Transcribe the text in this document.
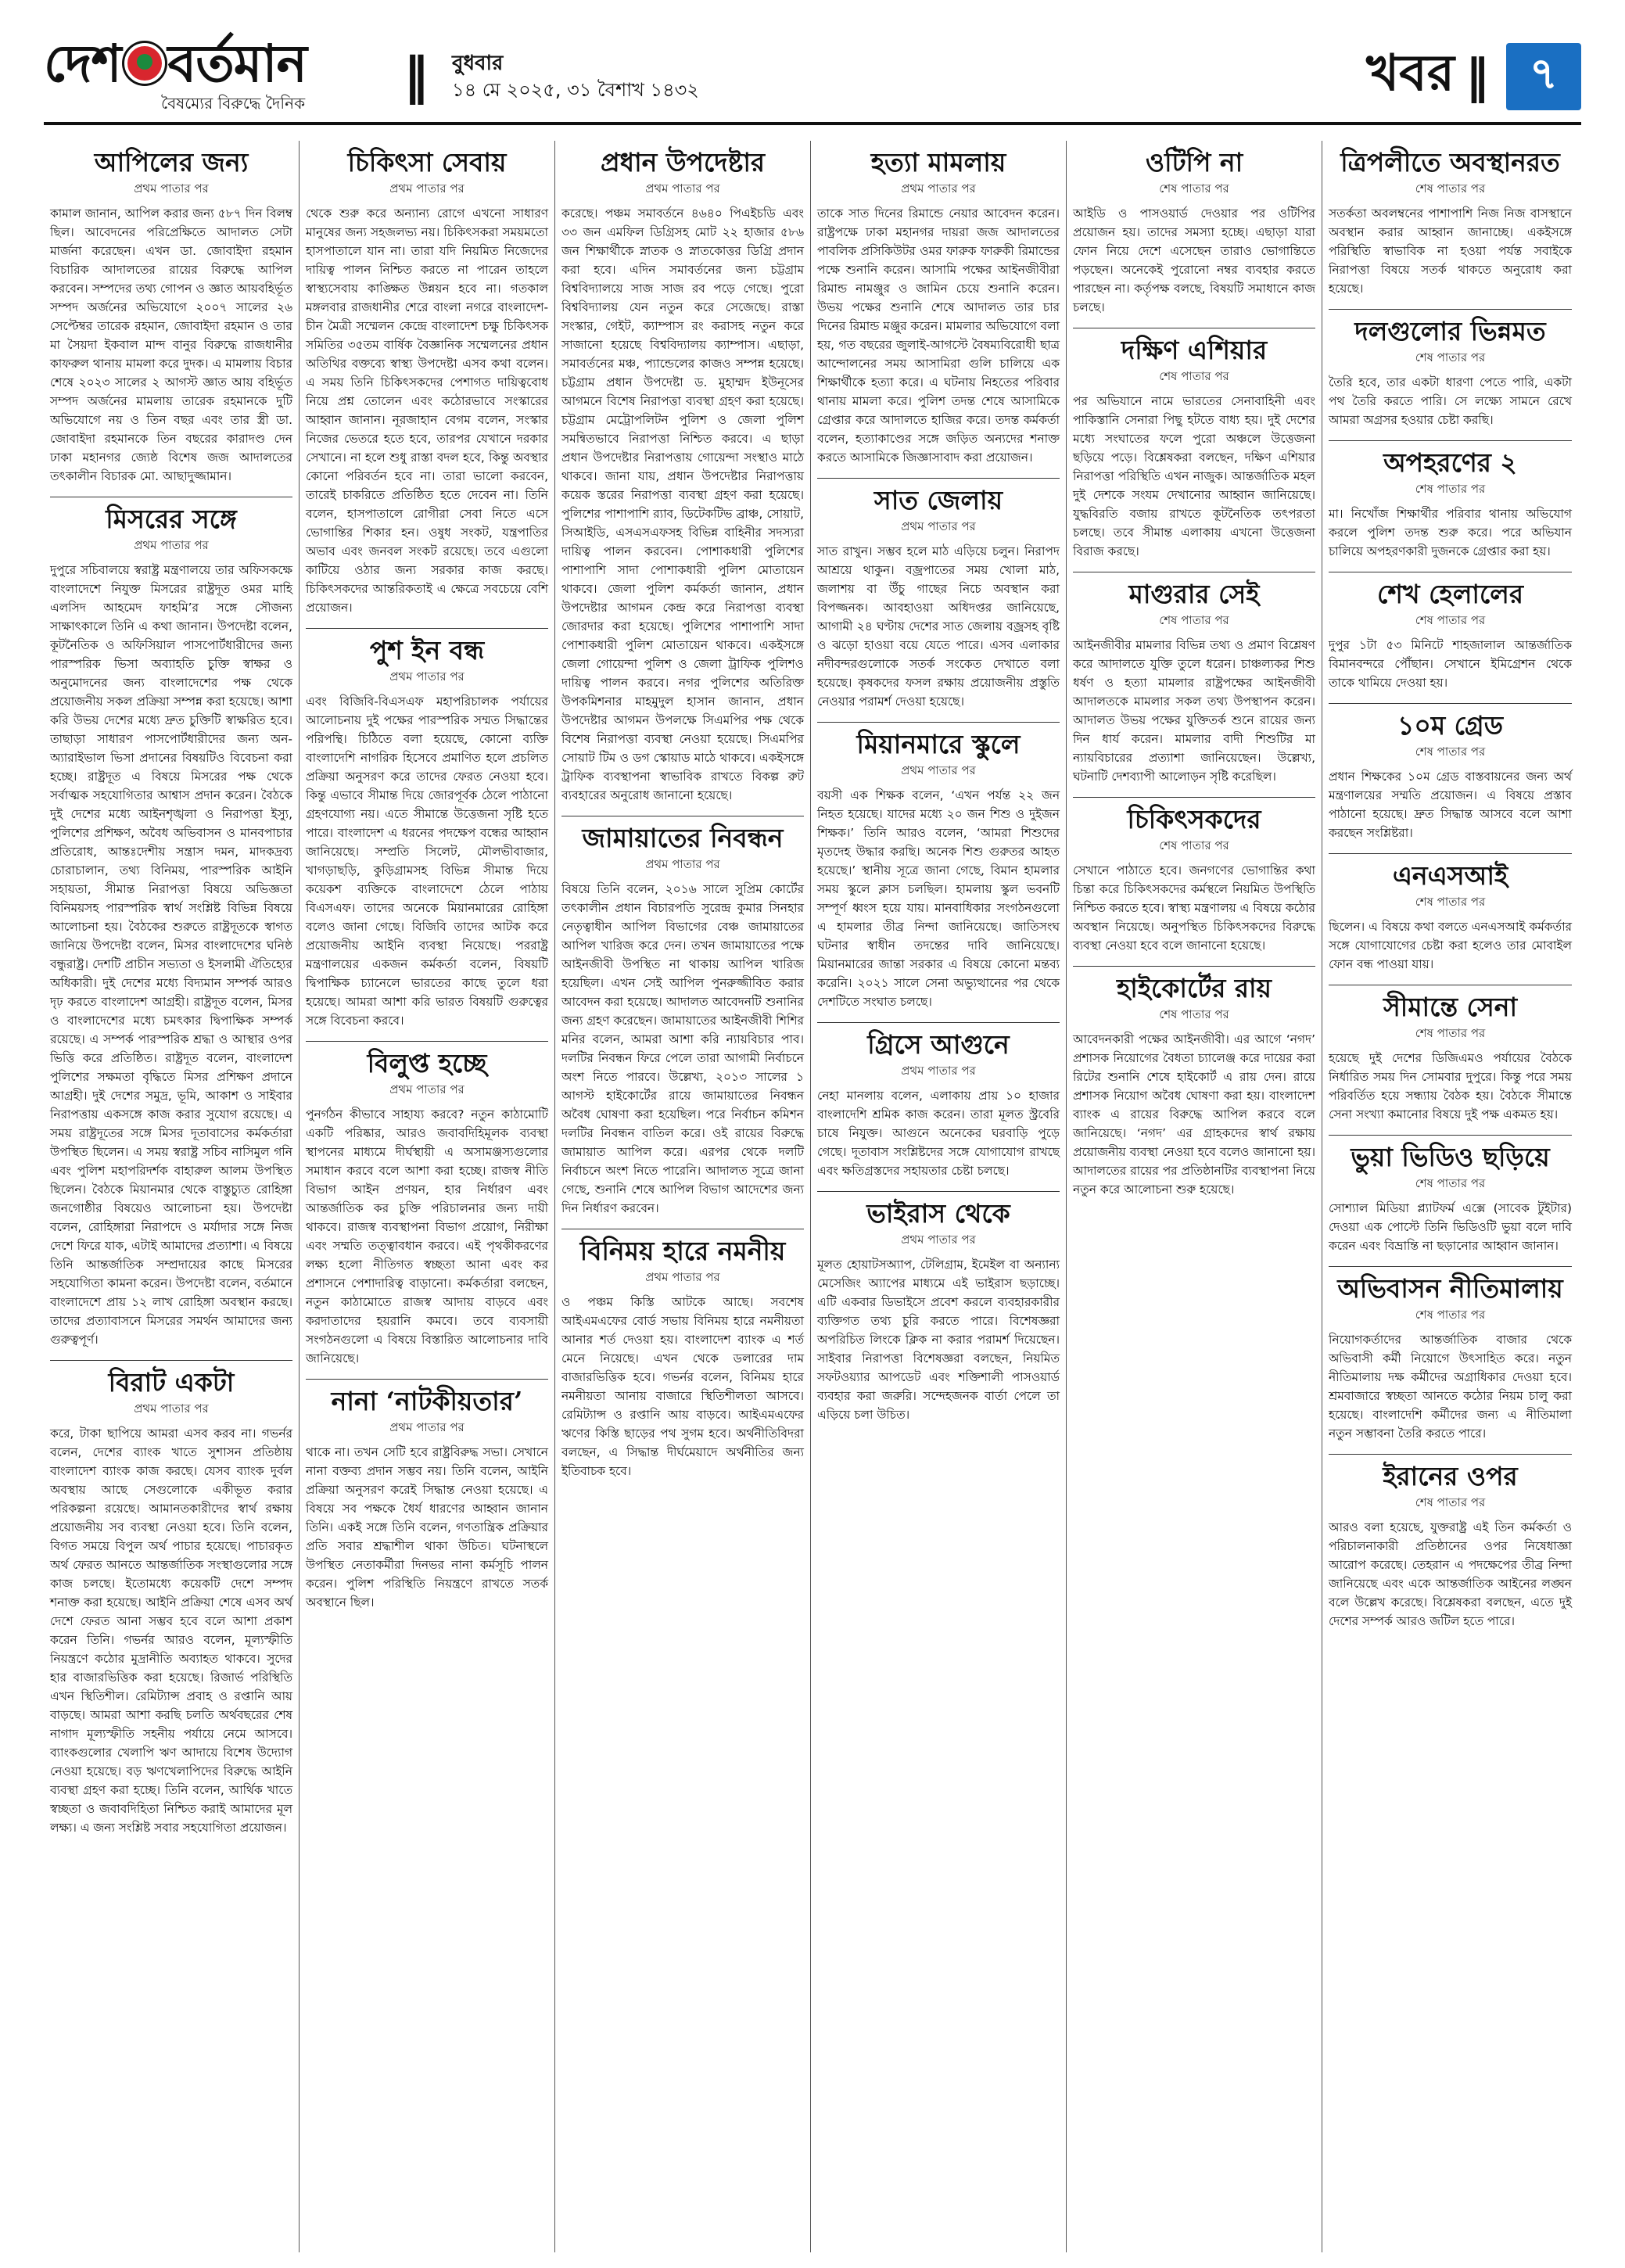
দেশ বর্তমান
বৈষম্যের বিরুদ্ধে দৈনিক ‖ বুধবার
১৪ মে ২০২৫, ৩১ বৈশাখ ১৪৩২	খবর ‖ ৭
আপিলের জন্য
প্রথম পাতার পর
কামাল জানান, আপিল করার জন্য ৫৮৭ দিন বিলম্ব ছিল। আবেদনের পরিপ্রেক্ষিতে আদালত সেটা মার্জনা করেছেন। এখন ডা. জোবাইদা রহমান বিচারিক আদালতের রায়ের বিরুদ্ধে আপিল করবেন। সম্পদের তথ্য গোপন ও জ্ঞাত আয়বহির্ভূত সম্পদ অর্জনের অভিযোগে ২০০৭ সালের ২৬ সেপ্টেম্বর তারেক রহমান, জোবাইদা রহমান ও তার মা সৈয়দা ইকবাল মান্দ বানুর বিরুদ্ধে রাজধানীর কাফরুল থানায় মামলা করে দুদক। এ মামলায় বিচার শেষে ২০২৩ সালের ২ আগস্ট জ্ঞাত আয় বহির্ভূত সম্পদ অর্জনের মামলায় তারেক রহমানকে দুটি অভিযোগে নয় ও তিন বছর এবং তার স্ত্রী ডা. জোবাইদা রহমানকে তিন বছরের কারাদণ্ড দেন ঢাকা মহানগর জ্যেষ্ঠ বিশেষ জজ আদালতের তৎকালীন বিচারক মো. আছাদুজ্জামান।
মিসরের সঙ্গে
প্রথম পাতার পর
দুপুরে সচিবালয়ে স্বরাষ্ট্র মন্ত্রণালয়ে তার অফিসকক্ষে বাংলাদেশে নিযুক্ত মিসরের রাষ্ট্রদূত ওমর মাহি এলসিদ আহমেদ ফাহমি’র সঙ্গে সৌজন্য সাক্ষাৎকালে তিনি এ কথা জানান। উপদেষ্টা বলেন, কূটনৈতিক ও অফিসিয়াল পাসপোর্টধারীদের জন্য পারস্পরিক ভিসা অব্যাহতি চুক্তি স্বাক্ষর ও অনুমোদনের জন্য বাংলাদেশের পক্ষ থেকে প্রয়োজনীয় সকল প্রক্রিয়া সম্পন্ন করা হয়েছে। আশা করি উভয় দেশের মধ্যে দ্রুত চুক্তিটি স্বাক্ষরিত হবে। তাছাড়া সাধারণ পাসপোর্টধারীদের জন্য অন-অ্যারাইভাল ভিসা প্রদানের বিষয়টিও বিবেচনা করা হচ্ছে। রাষ্ট্রদূত এ বিষয়ে মিসরের পক্ষ থেকে সর্বাত্মক সহযোগিতার আশ্বাস প্রদান করেন। বৈঠকে দুই দেশের মধ্যে আইনশৃঙ্খলা ও নিরাপত্তা ইস্যু, পুলিশের প্রশিক্ষণ, অবৈধ অভিবাসন ও মানবপাচার প্রতিরোধ, আন্তঃদেশীয় সন্ত্রাস দমন, মাদকদ্রব্য চোরাচালান, তথ্য বিনিময়, পারস্পরিক আইনি সহায়তা, সীমান্ত নিরাপত্তা বিষয়ে অভিজ্ঞতা বিনিময়সহ পারস্পরিক স্বার্থ সংশ্লিষ্ট বিভিন্ন বিষয়ে আলোচনা হয়। বৈঠকের শুরুতে রাষ্ট্রদূতকে স্বাগত জানিয়ে উপদেষ্টা বলেন, মিসর বাংলাদেশের ঘনিষ্ঠ বন্ধুরাষ্ট্র। দেশটি প্রাচীন সভ্যতা ও ইসলামী ঐতিহ্যের অধিকারী। দুই দেশের মধ্যে বিদ্যমান সম্পর্ক আরও দৃঢ় করতে বাংলাদেশ আগ্রহী। রাষ্ট্রদূত বলেন, মিসর ও বাংলাদেশের মধ্যে চমৎকার দ্বিপাক্ষিক সম্পর্ক রয়েছে। এ সম্পর্ক পারস্পরিক শ্রদ্ধা ও আস্থার ওপর ভিত্তি করে প্রতিষ্ঠিত। রাষ্ট্রদূত বলেন, বাংলাদেশ পুলিশের সক্ষমতা বৃদ্ধিতে মিসর প্রশিক্ষণ প্রদানে আগ্রহী। দুই দেশের সমুদ্র, ভূমি, আকাশ ও সাইবার নিরাপত্তায় একসঙ্গে কাজ করার সুযোগ রয়েছে। এ সময় রাষ্ট্রদূতের সঙ্গে মিসর দূতাবাসের কর্মকর্তারা উপস্থিত ছিলেন। এ সময় স্বরাষ্ট্র সচিব নাসিমুল গনি এবং পুলিশ মহাপরিদর্শক বাহারুল আলম উপস্থিত ছিলেন। বৈঠকে মিয়ানমার থেকে বাস্তুচ্যুত রোহিঙ্গা জনগোষ্ঠীর বিষয়েও আলোচনা হয়। উপদেষ্টা বলেন, রোহিঙ্গারা নিরাপদে ও মর্যাদার সঙ্গে নিজ দেশে ফিরে যাক, এটাই আমাদের প্রত্যাশা। এ বিষয়ে তিনি আন্তর্জাতিক সম্প্রদায়ের কাছে মিসরের সহযোগিতা কামনা করেন। উপদেষ্টা বলেন, বর্তমানে বাংলাদেশে প্রায় ১২ লাখ রোহিঙ্গা অবস্থান করছে। তাদের প্রত্যাবাসনে মিসরের সমর্থন আমাদের জন্য গুরুত্বপূর্ণ।
বিরাট একটা
প্রথম পাতার পর
করে, টাকা ছাপিয়ে আমরা এসব করব না। গভর্নর বলেন, দেশের ব্যাংক খাতে সুশাসন প্রতিষ্ঠায় বাংলাদেশ ব্যাংক কাজ করছে। যেসব ব্যাংক দুর্বল অবস্থায় আছে সেগুলোকে একীভূত করার পরিকল্পনা রয়েছে। আমানতকারীদের স্বার্থ রক্ষায় প্রয়োজনীয় সব ব্যবস্থা নেওয়া হবে। তিনি বলেন, বিগত সময়ে বিপুল অর্থ পাচার হয়েছে। পাচারকৃত অর্থ ফেরত আনতে আন্তর্জাতিক সংস্থাগুলোর সঙ্গে কাজ চলছে। ইতোমধ্যে কয়েকটি দেশে সম্পদ শনাক্ত করা হয়েছে। আইনি প্রক্রিয়া শেষে এসব অর্থ দেশে ফেরত আনা সম্ভব হবে বলে আশা প্রকাশ করেন তিনি। গভর্নর আরও বলেন, মূল্যস্ফীতি নিয়ন্ত্রণে কঠোর মুদ্রানীতি অব্যাহত থাকবে। সুদের হার বাজারভিত্তিক করা হয়েছে। রিজার্ভ পরিস্থিতি এখন স্থিতিশীল। রেমিট্যান্স প্রবাহ ও রপ্তানি আয় বাড়ছে। আমরা আশা করছি চলতি অর্থবছরের শেষ নাগাদ মূল্যস্ফীতি সহনীয় পর্যায়ে নেমে আসবে। ব্যাংকগুলোর খেলাপি ঋণ আদায়ে বিশেষ উদ্যোগ নেওয়া হয়েছে। বড় ঋণখেলাপিদের বিরুদ্ধে আইনি ব্যবস্থা গ্রহণ করা হচ্ছে। তিনি বলেন, আর্থিক খাতে স্বচ্ছতা ও জবাবদিহিতা নিশ্চিত করাই আমাদের মূল লক্ষ্য। এ জন্য সংশ্লিষ্ট সবার সহযোগিতা প্রয়োজন।
চিকিৎসা সেবায়
প্রথম পাতার পর
থেকে শুরু করে অন্যান্য রোগে এখনো সাধারণ মানুষের জন্য সহজলভ্য নয়। চিকিৎসকরা সময়মতো হাসপাতালে যান না। তারা যদি নিয়মিত নিজেদের দায়িত্ব পালন নিশ্চিত করতে না পারেন তাহলে স্বাস্থ্যসেবায় কাঙ্ক্ষিত উন্নয়ন হবে না। গতকাল মঙ্গলবার রাজধানীর শেরে বাংলা নগরে বাংলাদেশ-চীন মৈত্রী সম্মেলন কেন্দ্রে বাংলাদেশ চক্ষু চিকিৎসক সমিতির ৩৫তম বার্ষিক বৈজ্ঞানিক সম্মেলনের প্রধান অতিথির বক্তব্যে স্বাস্থ্য উপদেষ্টা এসব কথা বলেন। এ সময় তিনি চিকিৎসকদের পেশাগত দায়িত্ববোধ নিয়ে প্রশ্ন তোলেন এবং কঠোরভাবে সংস্কারের আহ্বান জানান। নূরজাহান বেগম বলেন, সংস্কার নিজের ভেতরে হতে হবে, তারপর যেখানে দরকার সেখানে। না হলে শুধু রাস্তা বদল হবে, কিন্তু অবস্থার কোনো পরিবর্তন হবে না। তারা ভালো করবেন, তারেই চাকরিতে প্রতিষ্ঠিত হতে দেবেন না। তিনি বলেন, হাসপাতালে রোগীরা সেবা নিতে এসে ভোগান্তির শিকার হন। ওষুধ সংকট, যন্ত্রপাতির অভাব এবং জনবল সংকট রয়েছে। তবে এগুলো কাটিয়ে ওঠার জন্য সরকার কাজ করছে। চিকিৎসকদের আন্তরিকতাই এ ক্ষেত্রে সবচেয়ে বেশি প্রয়োজন।
পুশ ইন বন্ধ
প্রথম পাতার পর
এবং বিজিবি-বিএসএফ মহাপরিচালক পর্যায়ের আলোচনায় দুই পক্ষের পারস্পরিক সম্মত সিদ্ধান্তের পরিপন্থি। চিঠিতে বলা হয়েছে, কোনো ব্যক্তি বাংলাদেশি নাগরিক হিসেবে প্রমাণিত হলে প্রচলিত প্রক্রিয়া অনুসরণ করে তাদের ফেরত নেওয়া হবে। কিন্তু এভাবে সীমান্ত দিয়ে জোরপূর্বক ঠেলে পাঠানো গ্রহণযোগ্য নয়। এতে সীমান্তে উত্তেজনা সৃষ্টি হতে পারে। বাংলাদেশ এ ধরনের পদক্ষেপ বন্ধের আহ্বান জানিয়েছে। সম্প্রতি সিলেট, মৌলভীবাজার, খাগড়াছড়ি, কুড়িগ্রামসহ বিভিন্ন সীমান্ত দিয়ে কয়েকশ ব্যক্তিকে বাংলাদেশে ঠেলে পাঠায় বিএসএফ। তাদের অনেকে মিয়ানমারের রোহিঙ্গা বলেও জানা গেছে। বিজিবি তাদের আটক করে প্রয়োজনীয় আইনি ব্যবস্থা নিয়েছে। পররাষ্ট্র মন্ত্রণালয়ের একজন কর্মকর্তা বলেন, বিষয়টি দ্বিপাক্ষিক চ্যানেলে ভারতের কাছে তুলে ধরা হয়েছে। আমরা আশা করি ভারত বিষয়টি গুরুত্বের সঙ্গে বিবেচনা করবে।
বিলুপ্ত হচ্ছে
প্রথম পাতার পর
পুনর্গঠন কীভাবে সাহায্য করবে? নতুন কাঠামোটি একটি পরিষ্কার, আরও জবাবদিহিমূলক ব্যবস্থা স্থাপনের মাধ্যমে দীর্ঘস্থায়ী এ অসামঞ্জস্যগুলোর সমাধান করবে বলে আশা করা হচ্ছে। রাজস্ব নীতি বিভাগ আইন প্রণয়ন, হার নির্ধারণ এবং আন্তর্জাতিক কর চুক্তি পরিচালনার জন্য দায়ী থাকবে। রাজস্ব ব্যবস্থাপনা বিভাগ প্রয়োগ, নিরীক্ষা এবং সম্মতি তত্ত্বাবধান করবে। এই পৃথকীকরণের লক্ষ্য হলো নীতিগত স্বচ্ছতা আনা এবং কর প্রশাসনে পেশাদারিত্ব বাড়ানো। কর্মকর্তারা বলছেন, নতুন কাঠামোতে রাজস্ব আদায় বাড়বে এবং করদাতাদের হয়রানি কমবে। তবে ব্যবসায়ী সংগঠনগুলো এ বিষয়ে বিস্তারিত আলোচনার দাবি জানিয়েছে।
নানা ‘নাটকীয়তার’
প্রথম পাতার পর
থাকে না। তখন সেটি হবে রাষ্ট্রবিরুদ্ধ সভা। সেখানে নানা বক্তব্য প্রদান সম্ভব নয়। তিনি বলেন, আইনি প্রক্রিয়া অনুসরণ করেই সিদ্ধান্ত নেওয়া হয়েছে। এ বিষয়ে সব পক্ষকে ধৈর্য ধারণের আহ্বান জানান তিনি। একই সঙ্গে তিনি বলেন, গণতান্ত্রিক প্রক্রিয়ার প্রতি সবার শ্রদ্ধাশীল থাকা উচিত। ঘটনাস্থলে উপস্থিত নেতাকর্মীরা দিনভর নানা কর্মসূচি পালন করেন। পুলিশ পরিস্থিতি নিয়ন্ত্রণে রাখতে সতর্ক অবস্থানে ছিল।
প্রধান উপদেষ্টার
প্রথম পাতার পর
করেছে। পঞ্চম সমাবর্তনে ৪৬৪০ পিএইচডি এবং ৩৩ জন এমফিল ডিগ্রিসহ মোট ২২ হাজার ৫৮৬ জন শিক্ষার্থীকে স্নাতক ও স্নাতকোত্তর ডিগ্রি প্রদান করা হবে। এদিন সমাবর্তনের জন্য চট্টগ্রাম বিশ্ববিদ্যালয়ে সাজ সাজ রব পড়ে গেছে। পুরো বিশ্ববিদ্যালয় যেন নতুন করে সেজেছে। রাস্তা সংস্কার, গেইট, ক্যাম্পাস রং করাসহ নতুন করে সাজানো হয়েছে বিশ্ববিদ্যালয় ক্যাম্পাস। এছাড়া, সমাবর্তনের মঞ্চ, প্যান্ডেলের কাজও সম্পন্ন হয়েছে। চট্টগ্রাম প্রধান উপদেষ্টা ড. মুহাম্মদ ইউনূসের আগমনে বিশেষ নিরাপত্তা ব্যবস্থা গ্রহণ করা হয়েছে। চট্টগ্রাম মেট্রোপলিটন পুলিশ ও জেলা পুলিশ সমন্বিতভাবে নিরাপত্তা নিশ্চিত করবে। এ ছাড়া প্রধান উপদেষ্টার নিরাপত্তায় গোয়েন্দা সংস্থাও মাঠে থাকবে। জানা যায়, প্রধান উপদেষ্টার নিরাপত্তায় কয়েক স্তরের নিরাপত্তা ব্যবস্থা গ্রহণ করা হয়েছে। পুলিশের পাশাপাশি র‌্যাব, ডিটেকটিভ ব্রাঞ্চ, সোয়াট, সিআইডি, এসএসএফসহ বিভিন্ন বাহিনীর সদস্যরা দায়িত্ব পালন করবেন। পোশাকধারী পুলিশের পাশাপাশি সাদা পোশাকধারী পুলিশ মোতায়েন থাকবে। জেলা পুলিশ কর্মকর্তা জানান, প্রধান উপদেষ্টার আগমন কেন্দ্র করে নিরাপত্তা ব্যবস্থা জোরদার করা হয়েছে। পুলিশের পাশাপাশি সাদা পোশাকধারী পুলিশ মোতায়েন থাকবে। একইসঙ্গে জেলা গোয়েন্দা পুলিশ ও জেলা ট্রাফিক পুলিশও দায়িত্ব পালন করবে। নগর পুলিশের অতিরিক্ত উপকমিশনার মাহমুদুল হাসান জানান, প্রধান উপদেষ্টার আগমন উপলক্ষে সিএমপির পক্ষ থেকে বিশেষ নিরাপত্তা ব্যবস্থা নেওয়া হয়েছে। সিএমপির সোয়াট টিম ও ডগ স্কোয়াড মাঠে থাকবে। একইসঙ্গে ট্রাফিক ব্যবস্থাপনা স্বাভাবিক রাখতে বিকল্প রুট ব্যবহারের অনুরোধ জানানো হয়েছে।
জামায়াতের নিবন্ধন
প্রথম পাতার পর
বিষয়ে তিনি বলেন, ২০১৬ সালে সুপ্রিম কোর্টের তৎকালীন প্রধান বিচারপতি সুরেন্দ্র কুমার সিনহার নেতৃত্বাধীন আপিল বিভাগের বেঞ্চ জামায়াতের আপিল খারিজ করে দেন। তখন জামায়াতের পক্ষে আইনজীবী উপস্থিত না থাকায় আপিল খারিজ হয়েছিল। এখন সেই আপিল পুনরুজ্জীবিত করার আবেদন করা হয়েছে। আদালত আবেদনটি শুনানির জন্য গ্রহণ করেছেন। জামায়াতের আইনজীবী শিশির মনির বলেন, আমরা আশা করি ন্যায়বিচার পাব। দলটির নিবন্ধন ফিরে পেলে তারা আগামী নির্বাচনে অংশ নিতে পারবে। উল্লেখ্য, ২০১৩ সালের ১ আগস্ট হাইকোর্টের রায়ে জামায়াতের নিবন্ধন অবৈধ ঘোষণা করা হয়েছিল। পরে নির্বাচন কমিশন দলটির নিবন্ধন বাতিল করে। ওই রায়ের বিরুদ্ধে জামায়াত আপিল করে। এরপর থেকে দলটি নির্বাচনে অংশ নিতে পারেনি। আদালত সূত্রে জানা গেছে, শুনানি শেষে আপিল বিভাগ আদেশের জন্য দিন নির্ধারণ করবেন।
বিনিময় হারে নমনীয়
প্রথম পাতার পর
ও পঞ্চম কিস্তি আটকে আছে। সবশেষ আইএমএফের বোর্ড সভায় বিনিময় হারে নমনীয়তা আনার শর্ত দেওয়া হয়। বাংলাদেশ ব্যাংক এ শর্ত মেনে নিয়েছে। এখন থেকে ডলারের দাম বাজারভিত্তিক হবে। গভর্নর বলেন, বিনিময় হারে নমনীয়তা আনায় বাজারে স্থিতিশীলতা আসবে। রেমিট্যান্স ও রপ্তানি আয় বাড়বে। আইএমএফের ঋণের কিস্তি ছাড়ের পথ সুগম হবে। অর্থনীতিবিদরা বলছেন, এ সিদ্ধান্ত দীর্ঘমেয়াদে অর্থনীতির জন্য ইতিবাচক হবে।
হত্যা মামলায়
প্রথম পাতার পর
তাকে সাত দিনের রিমান্ডে নেয়ার আবেদন করেন। রাষ্ট্রপক্ষে ঢাকা মহানগর দায়রা জজ আদালতের পাবলিক প্রসিকিউটর ওমর ফারুক ফারুকী রিমান্ডের পক্ষে শুনানি করেন। আসামি পক্ষের আইনজীবীরা রিমান্ড নামঞ্জুর ও জামিন চেয়ে শুনানি করেন। উভয় পক্ষের শুনানি শেষে আদালত তার চার দিনের রিমান্ড মঞ্জুর করেন। মামলার অভিযোগে বলা হয়, গত বছরের জুলাই-আগস্টে বৈষম্যবিরোধী ছাত্র আন্দোলনের সময় আসামিরা গুলি চালিয়ে এক শিক্ষার্থীকে হত্যা করে। এ ঘটনায় নিহতের পরিবার থানায় মামলা করে। পুলিশ তদন্ত শেষে আসামিকে গ্রেপ্তার করে আদালতে হাজির করে। তদন্ত কর্মকর্তা বলেন, হত্যাকাণ্ডের সঙ্গে জড়িত অন্যদের শনাক্ত করতে আসামিকে জিজ্ঞাসাবাদ করা প্রয়োজন।
সাত জেলায়
প্রথম পাতার পর
সাত রাখুন। সম্ভব হলে মাঠ এড়িয়ে চলুন। নিরাপদ আশ্রয়ে থাকুন। বজ্রপাতের সময় খোলা মাঠ, জলাশয় বা উঁচু গাছের নিচে অবস্থান করা বিপজ্জনক। আবহাওয়া অধিদপ্তর জানিয়েছে, আগামী ২৪ ঘণ্টায় দেশের সাত জেলায় বজ্রসহ বৃষ্টি ও ঝড়ো হাওয়া বয়ে যেতে পারে। এসব এলাকার নদীবন্দরগুলোকে সতর্ক সংকেত দেখাতে বলা হয়েছে। কৃষকদের ফসল রক্ষায় প্রয়োজনীয় প্রস্তুতি নেওয়ার পরামর্শ দেওয়া হয়েছে।
মিয়ানমারে স্কুলে
প্রথম পাতার পর
বয়সী এক শিক্ষক বলেন, ‘এখন পর্যন্ত ২২ জন নিহত হয়েছে। যাদের মধ্যে ২০ জন শিশু ও দুইজন শিক্ষক।’ তিনি আরও বলেন, ‘আমরা শিশুদের মৃতদেহ উদ্ধার করছি। অনেক শিশু গুরুতর আহত হয়েছে।’ স্থানীয় সূত্রে জানা গেছে, বিমান হামলার সময় স্কুলে ক্লাস চলছিল। হামলায় স্কুল ভবনটি সম্পূর্ণ ধ্বংস হয়ে যায়। মানবাধিকার সংগঠনগুলো এ হামলার তীব্র নিন্দা জানিয়েছে। জাতিসংঘ ঘটনার স্বাধীন তদন্তের দাবি জানিয়েছে। মিয়ানমারের জান্তা সরকার এ বিষয়ে কোনো মন্তব্য করেনি। ২০২১ সালে সেনা অভ্যুত্থানের পর থেকে দেশটিতে সংঘাত চলছে।
গ্রিসে আগুনে
প্রথম পাতার পর
নেহা মানলায় বলেন, এলাকায় প্রায় ১০ হাজার বাংলাদেশি শ্রমিক কাজ করেন। তারা মূলত স্ট্রবেরি চাষে নিযুক্ত। আগুনে অনেকের ঘরবাড়ি পুড়ে গেছে। দূতাবাস সংশ্লিষ্টদের সঙ্গে যোগাযোগ রাখছে এবং ক্ষতিগ্রস্তদের সহায়তার চেষ্টা চলছে।
ভাইরাস থেকে
প্রথম পাতার পর
মূলত হোয়াটসঅ্যাপ, টেলিগ্রাম, ইমেইল বা অন্যান্য মেসেজিং অ্যাপের মাধ্যমে এই ভাইরাস ছড়াচ্ছে। এটি একবার ডিভাইসে প্রবেশ করলে ব্যবহারকারীর ব্যক্তিগত তথ্য চুরি করতে পারে। বিশেষজ্ঞরা অপরিচিত লিংকে ক্লিক না করার পরামর্শ দিয়েছেন। সাইবার নিরাপত্তা বিশেষজ্ঞরা বলছেন, নিয়মিত সফটওয়্যার আপডেট এবং শক্তিশালী পাসওয়ার্ড ব্যবহার করা জরুরি। সন্দেহজনক বার্তা পেলে তা এড়িয়ে চলা উচিত।
ওটিপি না
শেষ পাতার পর
আইডি ও পাসওয়ার্ড দেওয়ার পর ওটিপির প্রয়োজন হয়। তাদের সমস্যা হচ্ছে। এছাড়া যারা ফোন নিয়ে দেশে এসেছেন তারাও ভোগান্তিতে পড়ছেন। অনেকেই পুরোনো নম্বর ব্যবহার করতে পারছেন না। কর্তৃপক্ষ বলছে, বিষয়টি সমাধানে কাজ চলছে।
দক্ষিণ এশিয়ার
শেষ পাতার পর
পর অভিযানে নামে ভারতের সেনাবাহিনী এবং পাকিস্তানি সেনারা পিছু হটতে বাধ্য হয়। দুই দেশের মধ্যে সংঘাতের ফলে পুরো অঞ্চলে উত্তেজনা ছড়িয়ে পড়ে। বিশ্লেষকরা বলছেন, দক্ষিণ এশিয়ার নিরাপত্তা পরিস্থিতি এখন নাজুক। আন্তর্জাতিক মহল দুই দেশকে সংযম দেখানোর আহ্বান জানিয়েছে। যুদ্ধবিরতি বজায় রাখতে কূটনৈতিক তৎপরতা চলছে। তবে সীমান্ত এলাকায় এখনো উত্তেজনা বিরাজ করছে।
মাগুরার সেই
শেষ পাতার পর
আইনজীবীর মামলার বিভিন্ন তথ্য ও প্রমাণ বিশ্লেষণ করে আদালতে যুক্তি তুলে ধরেন। চাঞ্চল্যকর শিশু ধর্ষণ ও হত্যা মামলার রাষ্ট্রপক্ষের আইনজীবী আদালতকে মামলার সকল তথ্য উপস্থাপন করেন। আদালত উভয় পক্ষের যুক্তিতর্ক শুনে রায়ের জন্য দিন ধার্য করেন। মামলার বাদী শিশুটির মা ন্যায়বিচারের প্রত্যাশা জানিয়েছেন। উল্লেখ্য, ঘটনাটি দেশব্যাপী আলোড়ন সৃষ্টি করেছিল।
চিকিৎসকদের
শেষ পাতার পর
সেখানে পাঠাতে হবে। জনগণের ভোগান্তির কথা চিন্তা করে চিকিৎসকদের কর্মস্থলে নিয়মিত উপস্থিতি নিশ্চিত করতে হবে। স্বাস্থ্য মন্ত্রণালয় এ বিষয়ে কঠোর অবস্থান নিয়েছে। অনুপস্থিত চিকিৎসকদের বিরুদ্ধে ব্যবস্থা নেওয়া হবে বলে জানানো হয়েছে।
হাইকোর্টের রায়
শেষ পাতার পর
আবেদনকারী পক্ষের আইনজীবী। এর আগে ‘নগদ’ প্রশাসক নিয়োগের বৈধতা চ্যালেঞ্জ করে দায়ের করা রিটের শুনানি শেষে হাইকোর্ট এ রায় দেন। রায়ে প্রশাসক নিয়োগ অবৈধ ঘোষণা করা হয়। বাংলাদেশ ব্যাংক এ রায়ের বিরুদ্ধে আপিল করবে বলে জানিয়েছে। ‘নগদ’ এর গ্রাহকদের স্বার্থ রক্ষায় প্রয়োজনীয় ব্যবস্থা নেওয়া হবে বলেও জানানো হয়। আদালতের রায়ের পর প্রতিষ্ঠানটির ব্যবস্থাপনা নিয়ে নতুন করে আলোচনা শুরু হয়েছে।
ত্রিপলীতে অবস্থানরত
শেষ পাতার পর
সতর্কতা অবলম্বনের পাশাপাশি নিজ নিজ বাসস্থানে অবস্থান করার আহ্বান জানাচ্ছে। একইসঙ্গে পরিস্থিতি স্বাভাবিক না হওয়া পর্যন্ত সবাইকে নিরাপত্তা বিষয়ে সতর্ক থাকতে অনুরোধ করা হয়েছে।
দলগুলোর ভিন্নমত
শেষ পাতার পর
তৈরি হবে, তার একটা ধারণা পেতে পারি, একটা পথ তৈরি করতে পারি। সে লক্ষ্যে সামনে রেখে আমরা অগ্রসর হওয়ার চেষ্টা করছি।
অপহরণের ২
শেষ পাতার পর
মা। নিখোঁজ শিক্ষার্থীর পরিবার থানায় অভিযোগ করলে পুলিশ তদন্ত শুরু করে। পরে অভিযান চালিয়ে অপহরণকারী দুজনকে গ্রেপ্তার করা হয়।
শেখ হেলালের
শেষ পাতার পর
দুপুর ১টা ৫৩ মিনিটে শাহজালাল আন্তর্জাতিক বিমানবন্দরে পৌঁছান। সেখানে ইমিগ্রেশন থেকে তাকে থামিয়ে দেওয়া হয়।
১০ম গ্রেড
শেষ পাতার পর
প্রধান শিক্ষকের ১০ম গ্রেড বাস্তবায়নের জন্য অর্থ মন্ত্রণালয়ের সম্মতি প্রয়োজন। এ বিষয়ে প্রস্তাব পাঠানো হয়েছে। দ্রুত সিদ্ধান্ত আসবে বলে আশা করছেন সংশ্লিষ্টরা।
এনএসআই
শেষ পাতার পর
ছিলেন। এ বিষয়ে কথা বলতে এনএসআই কর্মকর্তার সঙ্গে যোগাযোগের চেষ্টা করা হলেও তার মোবাইল ফোন বন্ধ পাওয়া যায়।
সীমান্তে সেনা
শেষ পাতার পর
হয়েছে দুই দেশের ডিজিএমও পর্যায়ের বৈঠকে নির্ধারিত সময় দিন সোমবার দুপুরে। কিন্তু পরে সময় পরিবর্তিত হয়ে সন্ধ্যায় বৈঠক হয়। বৈঠকে সীমান্তে সেনা সংখ্যা কমানোর বিষয়ে দুই পক্ষ একমত হয়।
ভুয়া ভিডিও ছড়িয়ে
শেষ পাতার পর
সোশ্যাল মিডিয়া প্ল্যাটফর্ম এক্সে (সাবেক টুইটার) দেওয়া এক পোস্টে তিনি ভিডিওটি ভুয়া বলে দাবি করেন এবং বিভ্রান্তি না ছড়ানোর আহ্বান জানান।
অভিবাসন নীতিমালায়
শেষ পাতার পর
নিয়োগকর্তাদের আন্তর্জাতিক বাজার থেকে অভিবাসী কর্মী নিয়োগে উৎসাহিত করে। নতুন নীতিমালায় দক্ষ কর্মীদের অগ্রাধিকার দেওয়া হবে। শ্রমবাজারে স্বচ্ছতা আনতে কঠোর নিয়ম চালু করা হয়েছে। বাংলাদেশি কর্মীদের জন্য এ নীতিমালা নতুন সম্ভাবনা তৈরি করতে পারে।
ইরানের ওপর
শেষ পাতার পর
আরও বলা হয়েছে, যুক্তরাষ্ট্র এই তিন কর্মকর্তা ও পরিচালনাকারী প্রতিষ্ঠানের ওপর নিষেধাজ্ঞা আরোপ করেছে। তেহরান এ পদক্ষেপের তীব্র নিন্দা জানিয়েছে এবং একে আন্তর্জাতিক আইনের লঙ্ঘন বলে উল্লেখ করেছে। বিশ্লেষকরা বলছেন, এতে দুই দেশের সম্পর্ক আরও জটিল হতে পারে।
